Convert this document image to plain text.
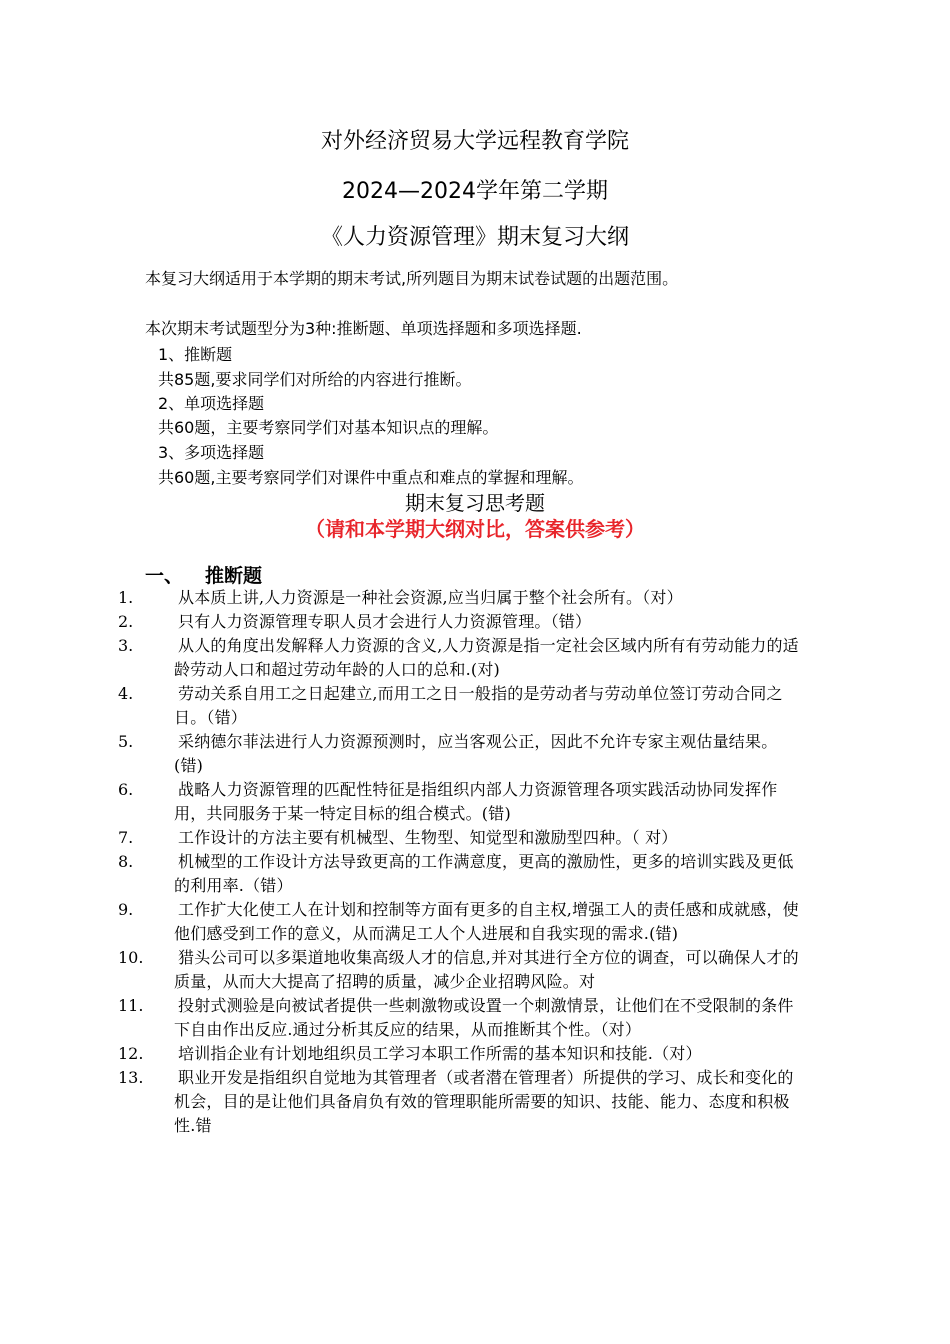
对外经济贸易大学远程教育学院
2024—2024学年第二学期
《人力资源管理》期末复习大纲
本复习大纲适用于本学期的期末考试,所列题目为期末试卷试题的出题范围。
本次期末考试题型分为3种:推断题、单项选择题和多项选择题.
1、推断题
共85题,要求同学们对所给的内容进行推断。
2、单项选择题
共60题，主要考察同学们对基本知识点的理解。
3、多项选择题
共60题,主要考察同学们对课件中重点和难点的掌握和理解。
期末复习思考题
（请和本学期大纲对比，答案供参考）
一、 推断题
1.	从本质上讲,人力资源是一种社会资源,应当归属于整个社会所有。（对）
2.	只有人力资源管理专职人员才会进行人力资源管理。（错）
3.	从人的角度出发解释人力资源的含义,人力资源是指一定社会区域内所有有劳动能力的适龄劳动人口和超过劳动年龄的人口的总和.(对)
4.	劳动关系自用工之日起建立,而用工之日一般指的是劳动者与劳动单位签订劳动合同之日。（错）
5.	采纳德尔菲法进行人力资源预测时，应当客观公正，因此不允许专家主观估量结果。(错)
6.	战略人力资源管理的匹配性特征是指组织内部人力资源管理各项实践活动协同发挥作用，共同服务于某一特定目标的组合模式。(错)
7.	工作设计的方法主要有机械型、生物型、知觉型和激励型四种。（ 对）
8.	机械型的工作设计方法导致更高的工作满意度，更高的激励性，更多的培训实践及更低的利用率.（错）
9.	工作扩大化使工人在计划和控制等方面有更多的自主权,增强工人的责任感和成就感，使他们感受到工作的意义，从而满足工人个人进展和自我实现的需求.(错)
10.	猎头公司可以多渠道地收集高级人才的信息,并对其进行全方位的调查，可以确保人才的质量，从而大大提高了招聘的质量，减少企业招聘风险。对
11.	投射式测验是向被试者提供一些刺激物或设置一个刺激情景，让他们在不受限制的条件下自由作出反应.通过分析其反应的结果，从而推断其个性。（对）
12.	培训指企业有计划地组织员工学习本职工作所需的基本知识和技能.（对）
13.	职业开发是指组织自觉地为其管理者（或者潜在管理者）所提供的学习、成长和变化的机会，目的是让他们具备肩负有效的管理职能所需要的知识、技能、能力、态度和积极性.错
